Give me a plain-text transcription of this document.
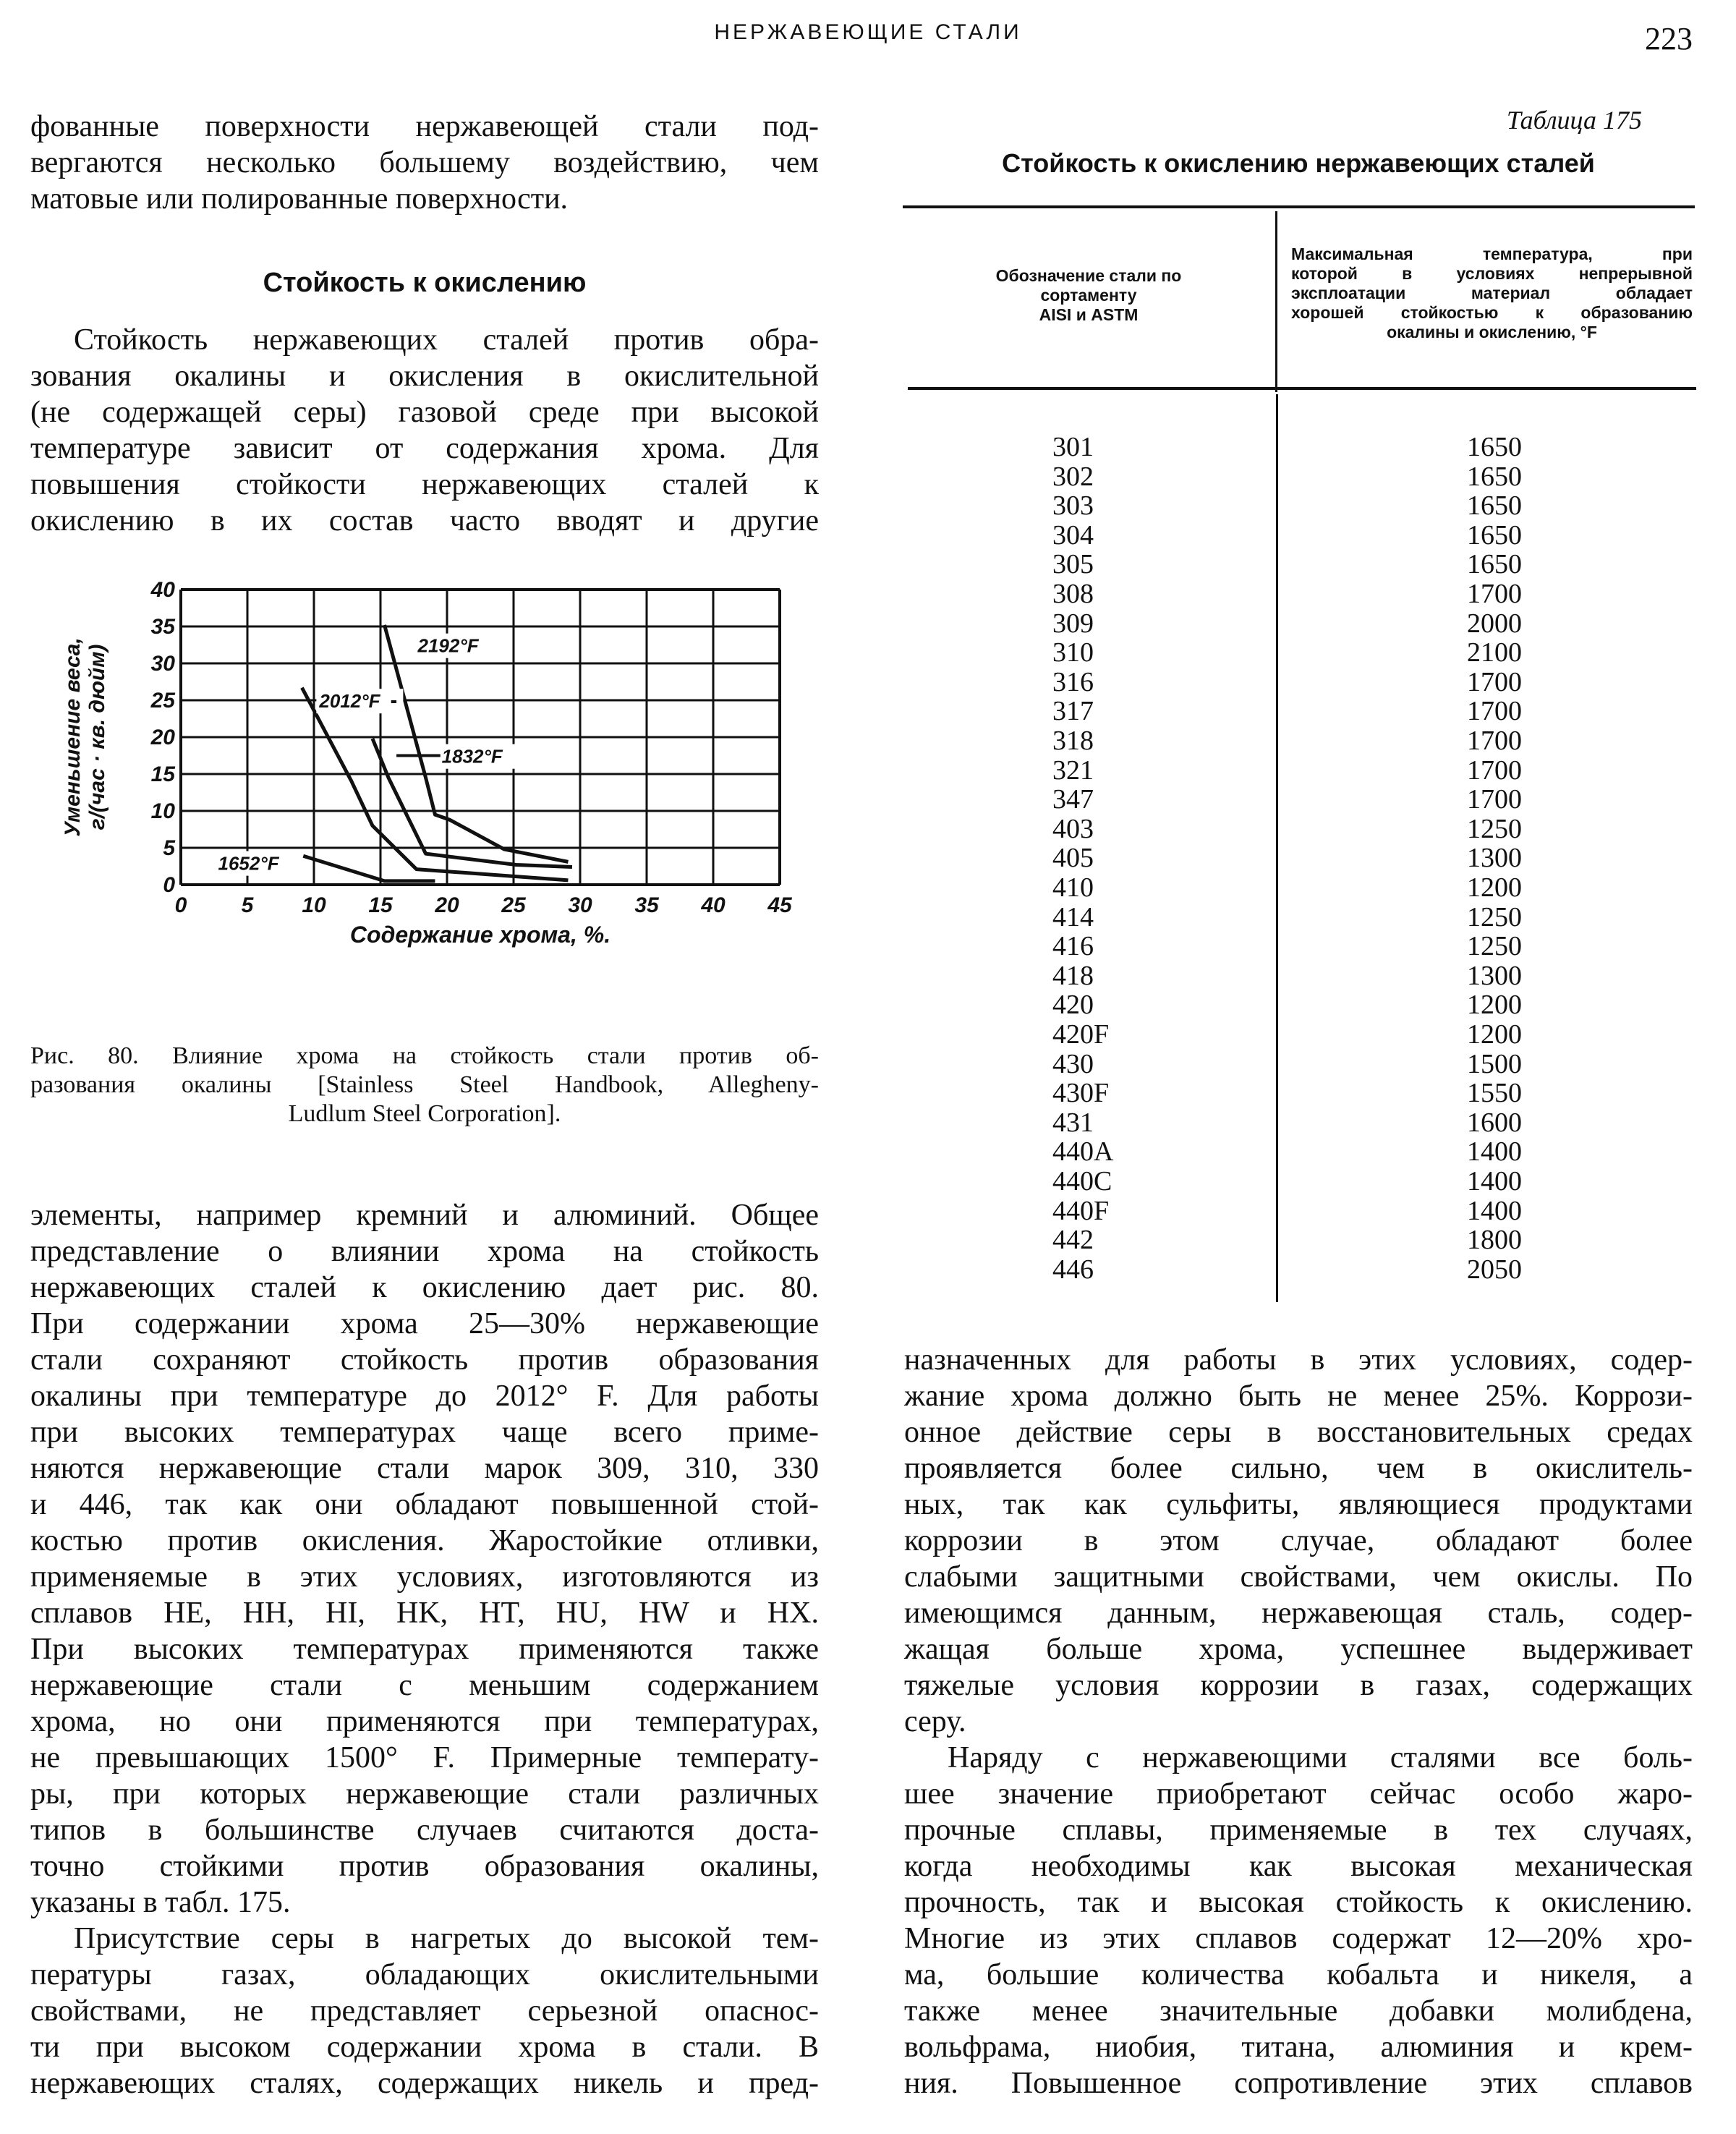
НЕРЖАВЕЮЩИЕ СТАЛИ	223
фованные поверхности нержавеющей стали под-
вергаются несколько большему воздействию, чем
матовые или полированные поверхности.
Стойкость к окислению
Стойкость нержавеющих сталей против обра-
зования окалины и окисления в окислительной
(не содержащей серы) газовой среде при высокой
температуре зависит от содержания хрома. Для
повышения стойкости нержавеющих сталей к
окислению в их состав часто вводят и другие
0	5 10 15 20 25 30 35 40 45
0
5
10
15
20
25
30
35
40
2192°F
2012°F
1832°F
1652°F
Содержание хрома, %.
Уменьшение веса,г/(час · кв. дюйм)
Рис. 80. Влияние хрома на стойкость стали против об-
разования окалины [Stainless Steel Handbook, Allegheny-
Ludlum Steel Corporation].
элементы, например кремний и алюминий. Общее
представление о влиянии хрома на стойкость
нержавеющих сталей к окислению дает рис. 80.
При содержании хрома 25—30% нержавеющие
стали сохраняют стойкость против образования
окалины при температуре до 2012° F. Для работы
при высоких температурах чаще всего приме-
няются нержавеющие стали марок 309, 310, 330
и 446, так как они обладают повышенной стой-
костью против окисления. Жаростойкие отливки,
применяемые в этих условиях, изготовляются из
сплавов HE, HH, HI, HK, HT, HU, HW и HX.
При высоких температурах применяются также
нержавеющие стали с меньшим содержанием
хрома, но они применяются при температурах,
не превышающих 1500° F. Примерные температу-
ры, при которых нержавеющие стали различных
типов в большинстве случаев считаются доста-
точно стойкими против образования окалины,
указаны в табл. 175.
Присутствие серы в нагретых до высокой тем-
пературы газах, обладающих окислительными
свойствами, не представляет серьезной опаснос-
ти при высоком содержании хрома в стали. В
нержавеющих сталях, содержащих никель и пред-
Таблица 175
Стойкость к окислению нержавеющих сталей
Обозначение стали по
сортаменту
AISI и ASTM
Максимальная температура, при
которой в условиях непрерывной
эксплоатации материал обладает
хорошей стойкостью к образованию
окалины и окислению, °F
301	1650
302	1650
303	1650
304	1650
305	1650
308	1700
309	2000
310	2100
316	1700
317	1700
318	1700
321	1700
347	1700
403	1250
405	1300
410	1200
414	1250
416	1250
418	1300
420	1200
420F	1200
430	1500
430F	1550
431	1600
440A	1400
440C	1400
440F	1400
442	1800
446	2050
назначенных для работы в этих условиях, содер-
жание хрома должно быть не менее 25%. Коррози-
онное действие серы в восстановительных средах
проявляется более сильно, чем в окислитель-
ных, так как сульфиты, являющиеся продуктами
коррозии в этом случае, обладают более
слабыми защитными свойствами, чем окислы. По
имеющимся данным, нержавеющая сталь, содер-
жащая больше хрома, успешнее выдерживает
тяжелые условия коррозии в газах, содержащих
серу.
Наряду с нержавеющими сталями все боль-
шее значение приобретают сейчас особо жаро-
прочные сплавы, применяемые в тех случаях,
когда необходимы как высокая механическая
прочность, так и высокая стойкость к окислению.
Многие из этих сплавов содержат 12—20% хро-
ма, большие количества кобальта и никеля, а
также менее значительные добавки молибдена,
вольфрама, ниобия, титана, алюминия и крем-
ния. Повышенное сопротивление этих сплавов
